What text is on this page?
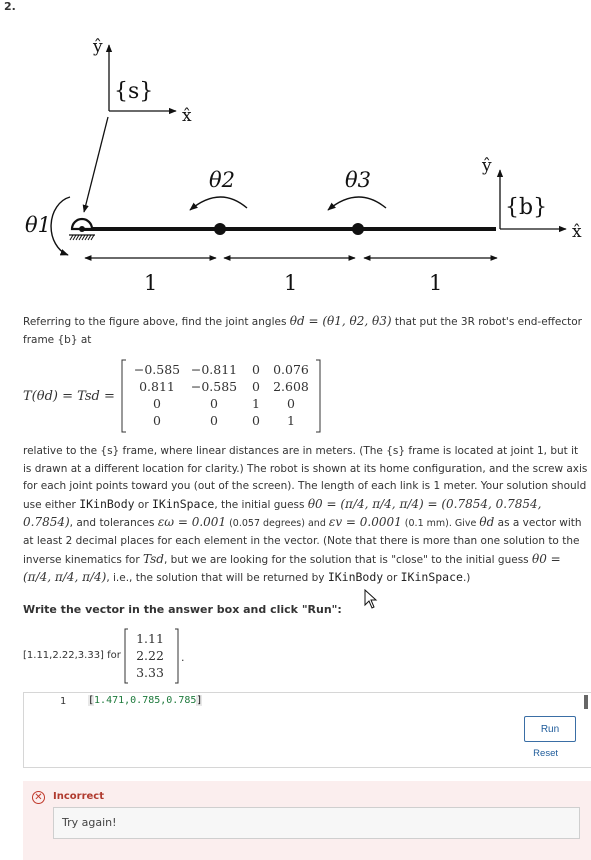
2.
{s}
ŷ
x̂
θ1
θ2	θ3
{b}
ŷ
x̂
1	1	1
Referring to the figure above, find the joint angles θd = (θ1, θ2, θ3) that put the 3R robot's end-effector frame {b} at
T(θd) = Tsd =
−0.585 −0.811 0 0.076
0.811 −0.585 0 2.608
0	0	1 0
0	0	0 1
relative to the {s} frame, where linear distances are in meters. (The {s} frame is located at joint 1, but it is drawn at a different location for clarity.) The robot is shown at its home configuration, and the screw axis for each joint points toward you (out of the screen). The length of each link is 1 meter. Your solution should use either IKinBody or IKinSpace, the initial guess θ0 = (π/4, π/4, π/4) = (0.7854, 0.7854, 0.7854), and tolerances εω = 0.001 (0.057 degrees) and εv = 0.0001 (0.1 mm). Give θd as a vector with at least 2 decimal places for each element in the vector. (Note that there is more than one solution to the inverse kinematics for Tsd, but we are looking for the solution that is "close" to the initial guess θ0 = (π/4, π/4, π/4), i.e., the solution that will be returned by IKinBody or IKinSpace.)
Write the vector in the answer box and click "Run":
[1.11,2.22,3.33] for
1.11
2.22
3.33
.
1 [1.471,0.785,0.785]
Run
Reset
✕ Incorrect
Try again!
